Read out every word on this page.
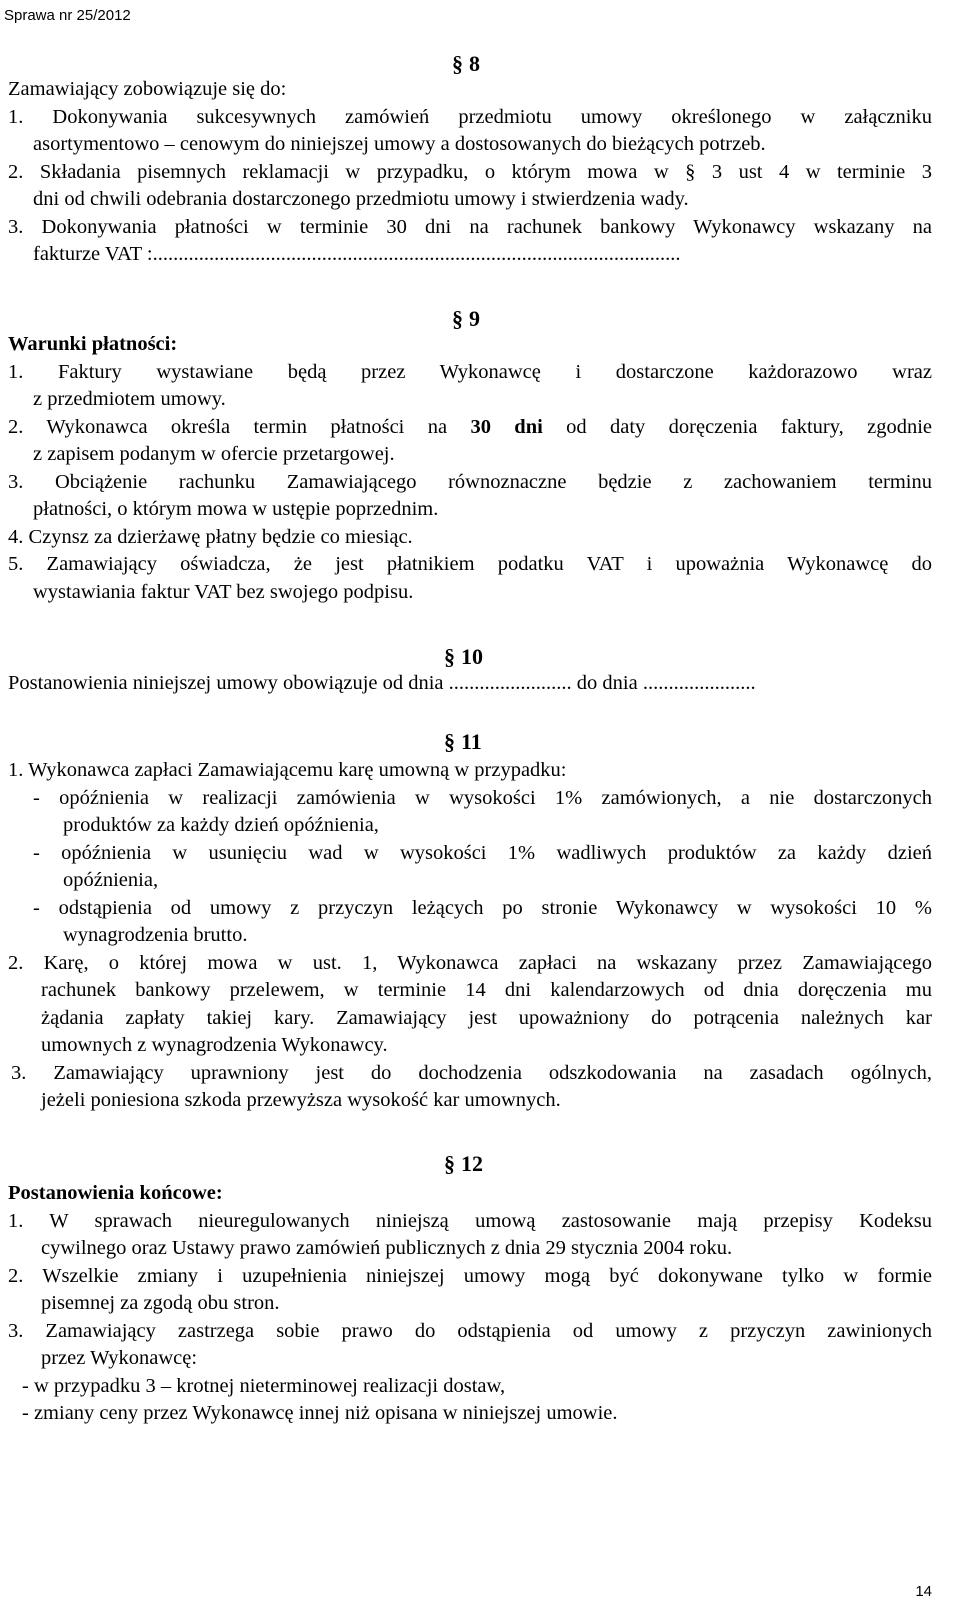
Sprawa nr 25/2012
§ 8
Zamawiający zobowiązuje się do:
1. Dokonywania sukcesywnych zamówień przedmiotu umowy określonego w załączniku
asortymentowo – cenowym do niniejszej umowy a dostosowanych do bieżących potrzeb.
2. Składania pisemnych reklamacji w przypadku, o którym mowa w § 3 ust 4 w terminie 3
dni od chwili odebrania dostarczonego przedmiotu umowy i stwierdzenia wady.
3. Dokonywania płatności w terminie 30 dni na rachunek bankowy Wykonawcy wskazany na
fakturze VAT :.......................................................................................................
§ 9
Warunki płatności:
1. Faktury wystawiane będą przez Wykonawcę i dostarczone każdorazowo wraz
z przedmiotem umowy.
2. Wykonawca określa termin płatności na 30 dni od daty doręczenia faktury, zgodnie
z zapisem podanym w ofercie przetargowej.
3. Obciążenie rachunku Zamawiającego równoznaczne będzie z zachowaniem terminu
płatności, o którym mowa w ustępie poprzednim.
4. Czynsz za dzierżawę płatny będzie co miesiąc.
5. Zamawiający oświadcza, że jest płatnikiem podatku VAT i upoważnia Wykonawcę do
wystawiania faktur VAT bez swojego podpisu.
§ 10
Postanowienia niniejszej umowy obowiązuje od dnia ........................ do dnia ......................
§ 11
1. Wykonawca zapłaci Zamawiającemu karę umowną w przypadku:
- opóźnienia w realizacji zamówienia w wysokości 1% zamówionych, a nie dostarczonych
produktów za każdy dzień opóźnienia,
- opóźnienia w usunięciu wad w wysokości 1% wadliwych produktów za każdy dzień
opóźnienia,
- odstąpienia od umowy z przyczyn leżących po stronie Wykonawcy w wysokości 10 %
wynagrodzenia brutto.
2. Karę, o której mowa w ust. 1, Wykonawca zapłaci na wskazany przez Zamawiającego
rachunek bankowy przelewem, w terminie 14 dni kalendarzowych od dnia doręczenia mu
żądania zapłaty takiej kary. Zamawiający jest upoważniony do potrącenia należnych kar
umownych z wynagrodzenia Wykonawcy.
3. Zamawiający uprawniony jest do dochodzenia odszkodowania na zasadach ogólnych,
jeżeli poniesiona szkoda przewyższa wysokość kar umownych.
§ 12
Postanowienia końcowe:
1. W sprawach nieuregulowanych niniejszą umową zastosowanie mają przepisy Kodeksu
cywilnego oraz Ustawy prawo zamówień publicznych z dnia 29 stycznia 2004 roku.
2. Wszelkie zmiany i uzupełnienia niniejszej umowy mogą być dokonywane tylko w formie
pisemnej za zgodą obu stron.
3. Zamawiający zastrzega sobie prawo do odstąpienia od umowy z przyczyn zawinionych
przez Wykonawcę:
- w przypadku 3 – krotnej nieterminowej realizacji dostaw,
- zmiany ceny przez Wykonawcę innej niż opisana w niniejszej umowie.
14
